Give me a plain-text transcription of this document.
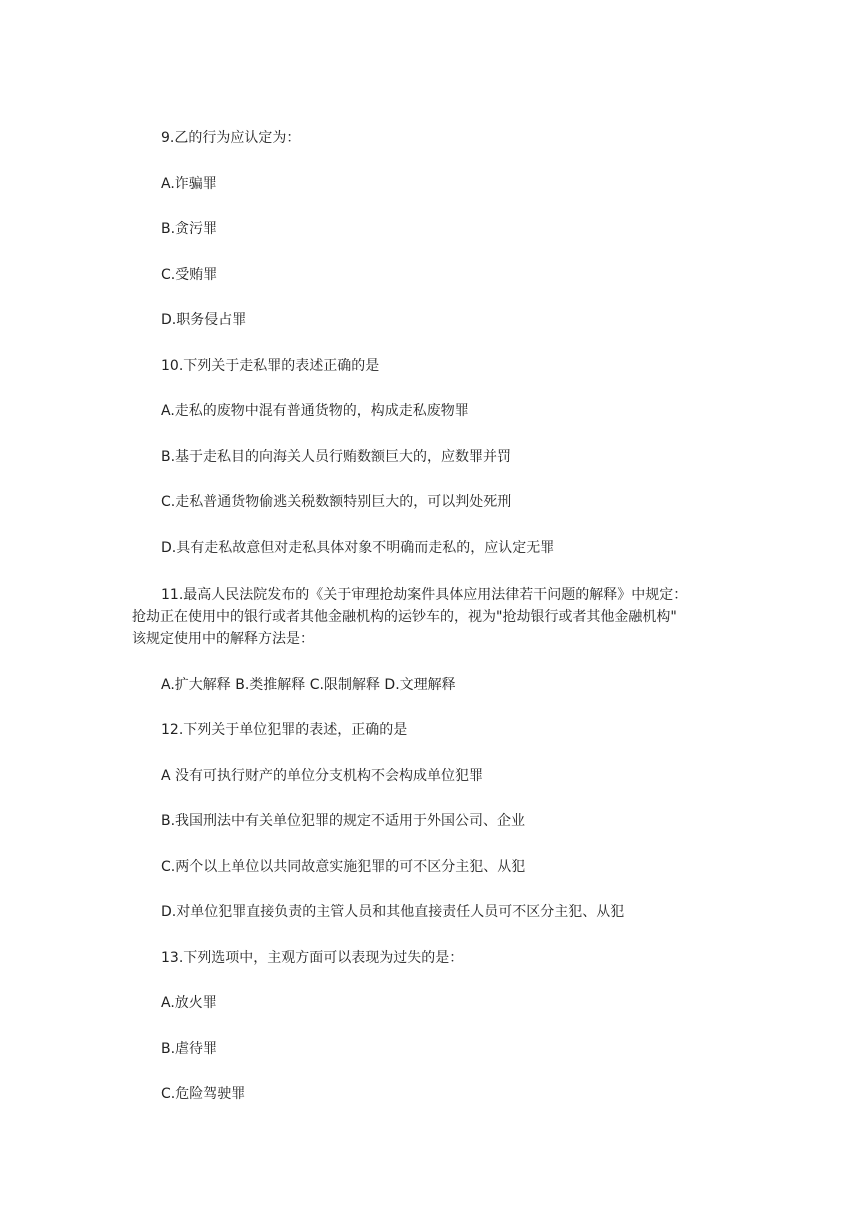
9.乙的行为应认定为：

A.诈骗罪

B.贪污罪

C.受贿罪

D.职务侵占罪

10.下列关于走私罪的表述正确的是

A.走私的废物中混有普通货物的，构成走私废物罪

B.基于走私目的向海关人员行贿数额巨大的，应数罪并罚

C.走私普通货物偷逃关税数额特别巨大的，可以判处死刑

D.具有走私故意但对走私具体对象不明确而走私的，应认定无罪

11.最高人民法院发布的《关于审理抢劫案件具体应用法律若干问题的解释》中规定：

抢劫正在使用中的银行或者其他金融机构的运钞车的，视为"抢劫银行或者其他金融机构"

该规定使用中的解释方法是：

A.扩大解释 B.类推解释 C.限制解释 D.文理解释

12.下列关于单位犯罪的表述，正确的是

A 没有可执行财产的单位分支机构不会构成单位犯罪

B.我国刑法中有关单位犯罪的规定不适用于外国公司、企业

C.两个以上单位以共同故意实施犯罪的可不区分主犯、从犯

D.对单位犯罪直接负责的主管人员和其他直接责任人员可不区分主犯、从犯

13.下列选项中，主观方面可以表现为过失的是：

A.放火罪

B.虐待罪

C.危险驾驶罪
